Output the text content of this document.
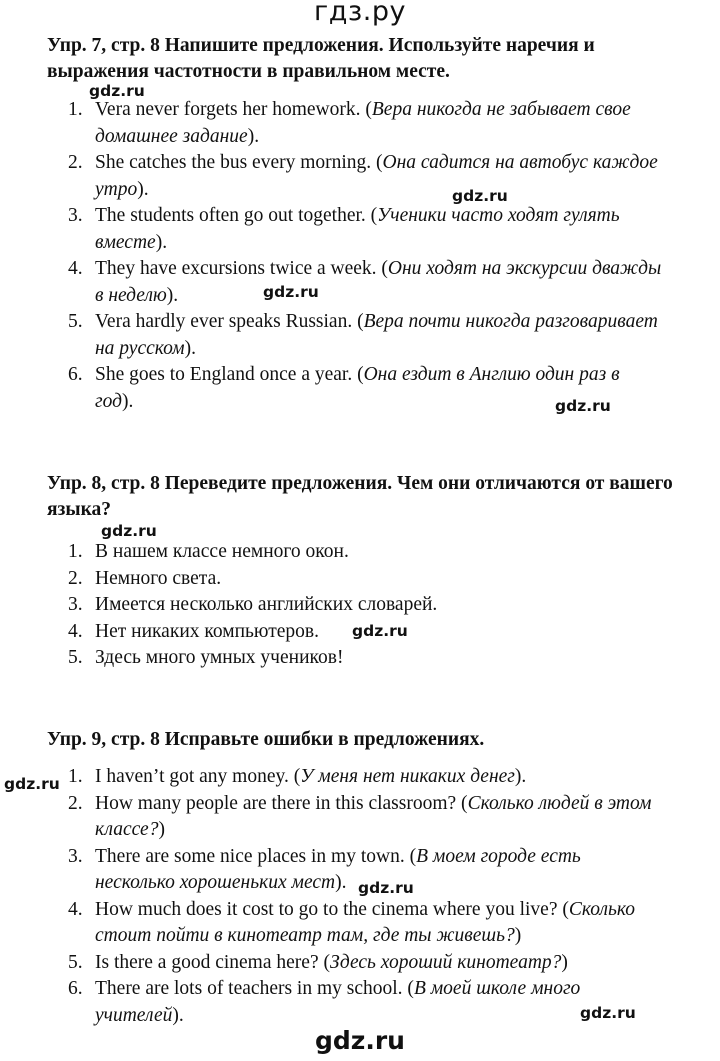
гдз.ру
Упр. 7, стр. 8 Напишите предложения. Используйте наречия и выражения частотности в правильном месте.
gdz.ru
1. Vera never forgets her homework. (Вера никогда не забывает свое домашнее задание).
2. She catches the bus every morning. (Она садится на автобус каждое утро).
3. The students often go out together. (Ученики часто ходят гулять вместе).
4. They have excursions twice a week. (Они ходят на экскурсии дважды в неделю).
5. Vera hardly ever speaks Russian. (Вера почти никогда разговаривает на русском).
6. She goes to England once a year. (Она ездит в Англию один раз в год).
gdz.ru
gdz.ru
gdz.ru
Упр. 8, стр. 8 Переведите предложения. Чем они отличаются от вашего языка?
gdz.ru
1. В нашем классе немного окон.
2. Немного света.
3. Имеется несколько английских словарей.
4. Нет никаких компьютеров.
5. Здесь много умных учеников!
gdz.ru
Упр. 9, стр. 8 Исправьте ошибки в предложениях.
gdz.ru 1. I haven’t got any money. (У меня нет никаких денег).
2. How many people are there in this classroom? (Сколько людей в этом классе?)
3. There are some nice places in my town. (В моем городе есть несколько хорошеньких мест).
4. How much does it cost to go to the cinema where you live? (Сколько стоит пойти в кинотеатр там, где ты живешь?)
5. Is there a good cinema here? (Здесь хороший кинотеатр?)
6. There are lots of teachers in my school. (В моей школе много учителей).
gdz.ru
gdz.ru
gdz.ru
